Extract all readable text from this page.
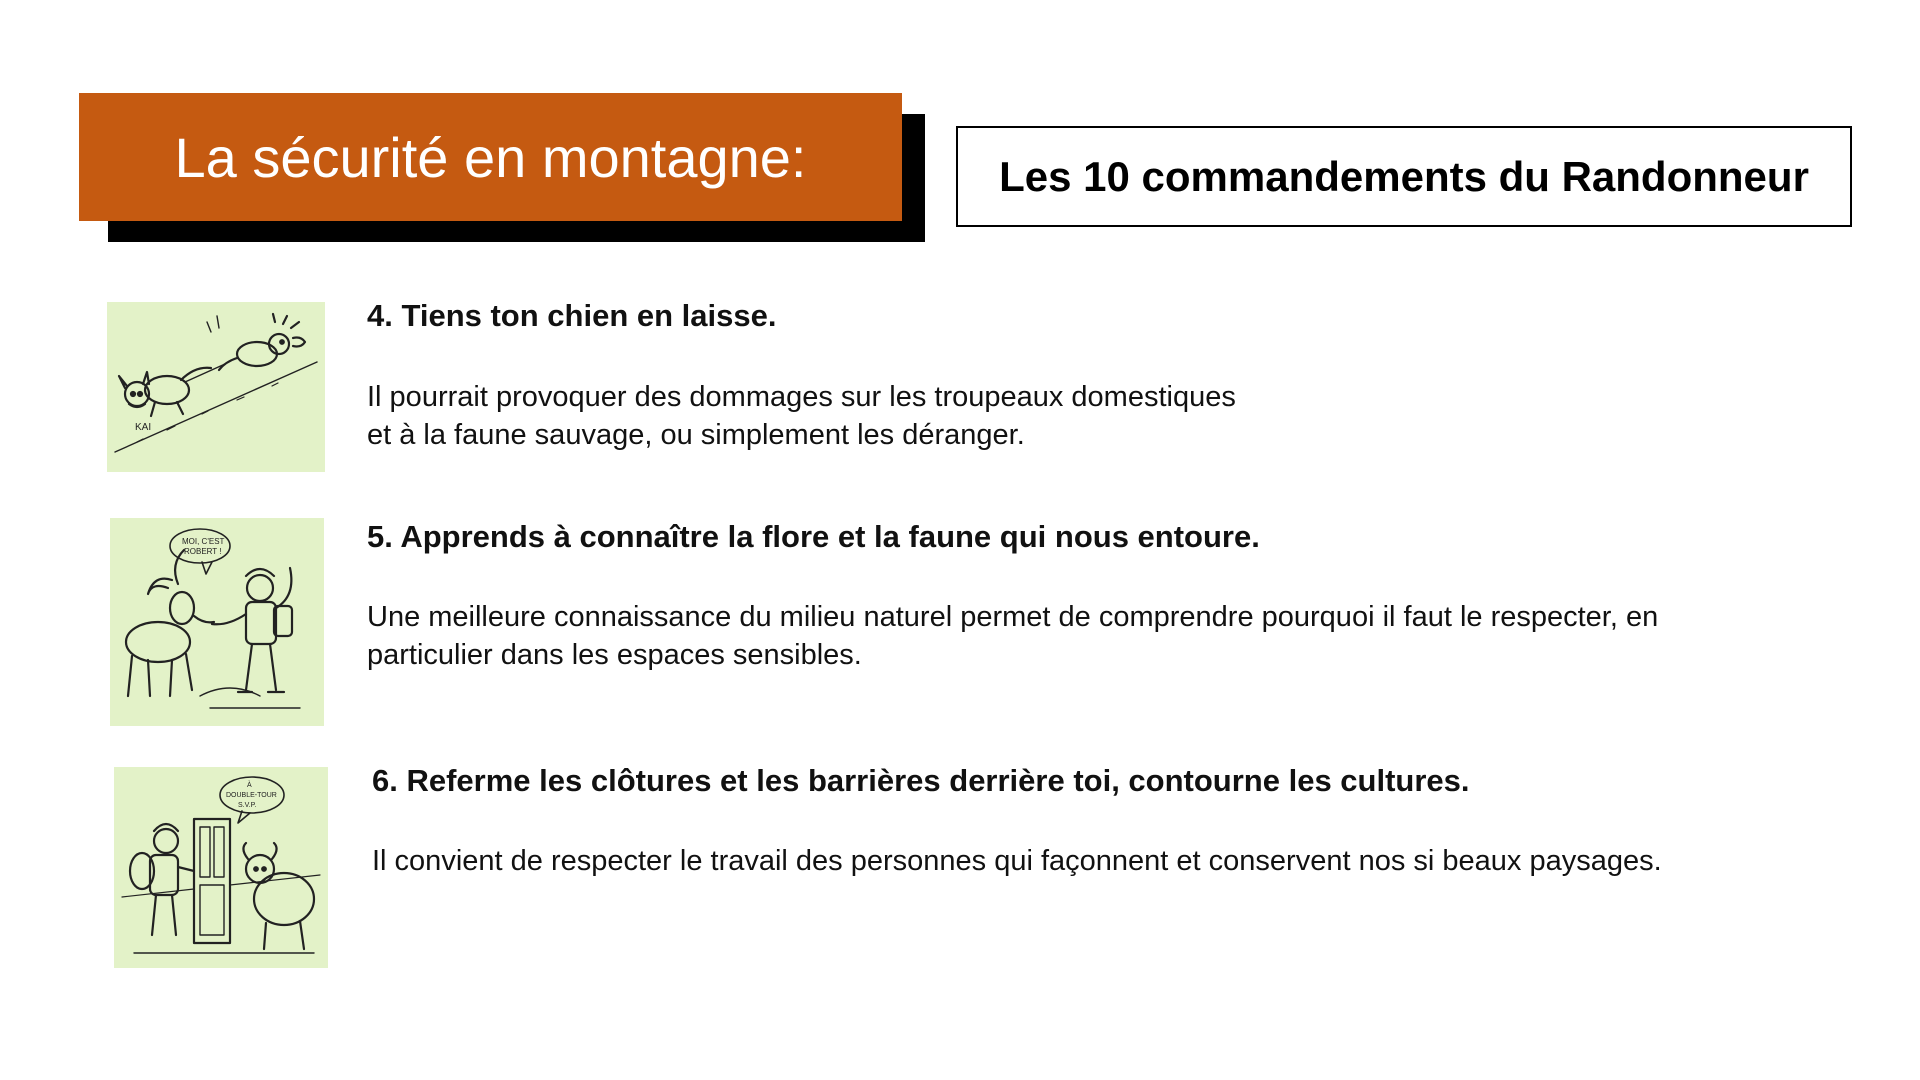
La sécurité en montagne:	Les 10 commandements du Randonneur
KAI
4. Tiens ton chien en laisse.

Il pourrait provoquer des dommages sur les troupeaux domestiques

et à la faune sauvage, ou simplement les déranger.

MOI, C'EST
ROBERT !	5. Apprends à connaître la flore et la faune qui nous entoure.

Une meilleure connaissance du milieu naturel permet de comprendre pourquoi il faut le respecter, en

particulier dans les espaces sensibles.

À
DOUBLE-TOUR
S.V.P.
6. Referme les clôtures et les barrières derrière toi, contourne les cultures.

Il convient de respecter le travail des personnes qui façonnent et conservent nos si beaux paysages.
